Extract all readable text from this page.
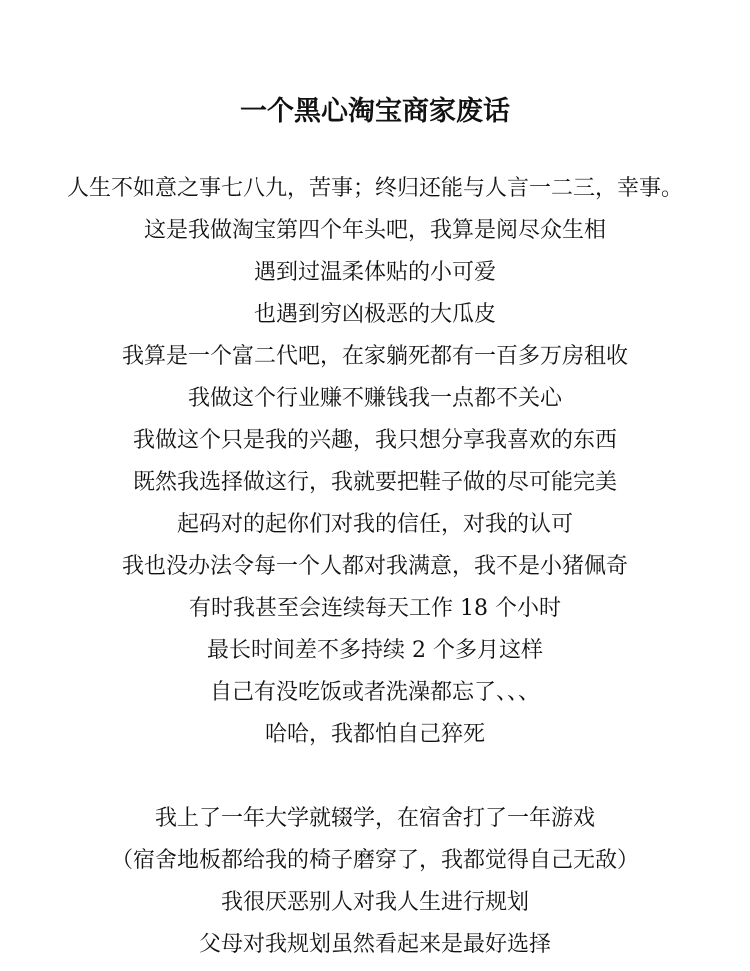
一个黑心淘宝商家废话
人生不如意之事七八九，苦事；终归还能与人言一二三，幸事。
这是我做淘宝第四个年头吧，我算是阅尽众生相
遇到过温柔体贴的小可爱
也遇到穷凶极恶的大瓜皮
我算是一个富二代吧，在家躺死都有一百多万房租收
我做这个行业赚不赚钱我一点都不关心
我做这个只是我的兴趣，我只想分享我喜欢的东西
既然我选择做这行，我就要把鞋子做的尽可能完美
起码对的起你们对我的信任，对我的认可
我也没办法令每一个人都对我满意，我不是小猪佩奇
有时我甚至会连续每天工作 18 个小时
最长时间差不多持续 2 个多月这样
自己有没吃饭或者洗澡都忘了、、、
哈哈，我都怕自己猝死
我上了一年大学就辍学，在宿舍打了一年游戏
（宿舍地板都给我的椅子磨穿了，我都觉得自己无敌）
我很厌恶别人对我人生进行规划
父母对我规划虽然看起来是最好选择
